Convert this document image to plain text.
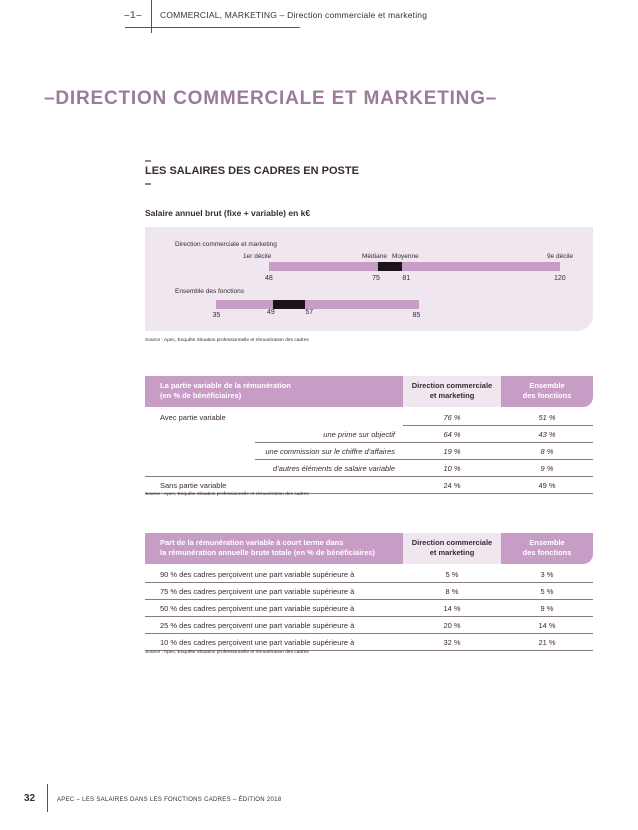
–1– COMMERCIAL, MARKETING – Direction commerciale et marketing
–DIRECTION COMMERCIALE ET MARKETING–
LES SALAIRES DES CADRES EN POSTE
Salaire annuel brut (fixe + variable) en k€
Direction commerciale et marketing
1er décile	Médiane Moyenne	9e décile
48	75	81	120
Ensemble des fonctions
35	49	57	85
Source : Apec, Enquête Situation professionnelle et rémunération des cadres
La partie variable de la rémunération
(en % de bénéficiaires)
Direction commerciale
et marketing
Ensemble
des fonctions
Avec partie variable	76 %	51 %
une prime sur objectif	64 %	43 %
une commission sur le chiffre d’affaires	19 %	8 %
d’autres éléments de salaire variable	10 %	9 %
Sans partie variable	24 %	49 %
Source : Apec, Enquête Situation professionnelle et rémunération des cadres
Part de la rémunération variable à court terme dans
la rémunération annuelle brute totale (en % de bénéficiaires)
Direction commerciale
et marketing
Ensemble
des fonctions
90 % des cadres perçoivent une part variable supérieure à	5 %	3 %
75 % des cadres perçoivent une part variable supérieure à	8 %	5 %
50 % des cadres perçoivent une part variable supérieure à	14 %	9 %
25 % des cadres perçoivent une part variable supérieure à	20 %	14 %
10 % des cadres perçoivent une part variable supérieure à	32 %	21 %
Source : Apec, Enquête Situation professionnelle et rémunération des cadres
32	APEC – LES SALAIRES DANS LES FONCTIONS CADRES – ÉDITION 2018
